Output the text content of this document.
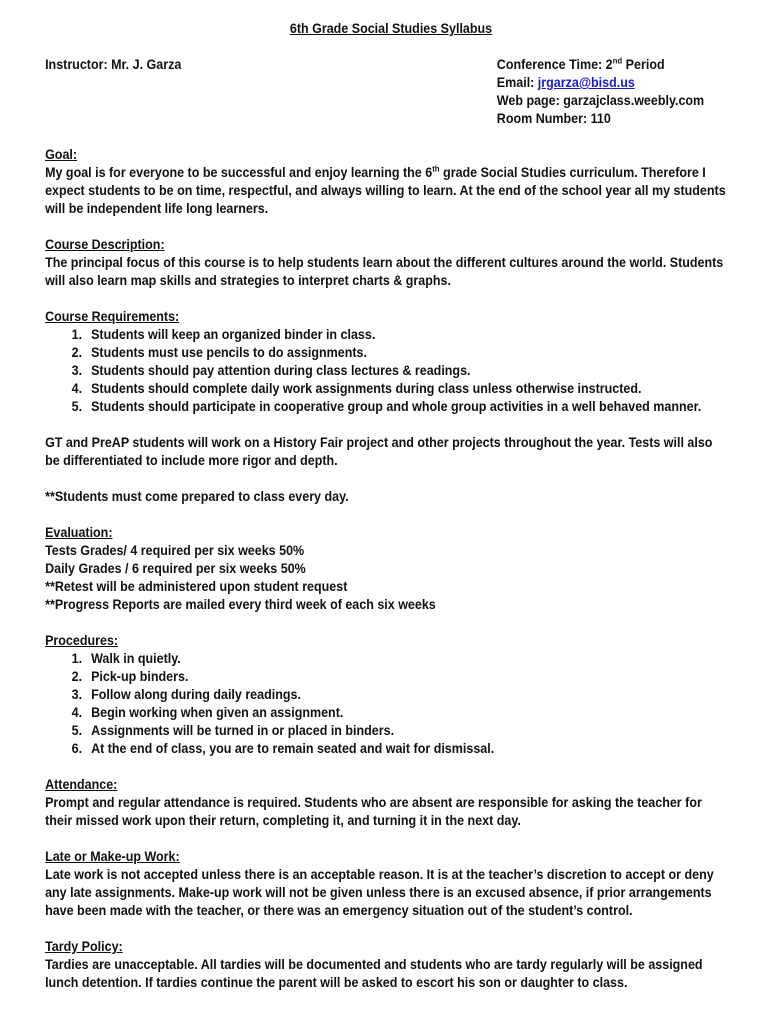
6th Grade Social Studies Syllabus
Instructor: Mr. J. Garza	Conference Time: 2nd Period
Email: jrgarza@bisd.us
Web page: garzajclass.weebly.com
Room Number: 110
Goal:
My goal is for everyone to be successful and enjoy learning the 6th grade Social Studies curriculum. Therefore I expect students to be on time, respectful, and always willing to learn. At the end of the school year all my students will be independent life long learners.
Course Description:
The principal focus of this course is to help students learn about the different cultures around the world. Students will also learn map skills and strategies to interpret charts & graphs.
Course Requirements:
1. Students will keep an organized binder in class.
2. Students must use pencils to do assignments.
3. Students should pay attention during class lectures & readings.
4. Students should complete daily work assignments during class unless otherwise instructed.
5. Students should participate in cooperative group and whole group activities in a well behaved manner.
GT and PreAP students will work on a History Fair project and other projects throughout the year. Tests will also be differentiated to include more rigor and depth.
**Students must come prepared to class every day.
Evaluation:
Tests Grades/ 4 required per six weeks 50%
Daily Grades / 6 required per six weeks 50%
**Retest will be administered upon student request
**Progress Reports are mailed every third week of each six weeks
Procedures:
1. Walk in quietly.
2. Pick-up binders.
3. Follow along during daily readings.
4. Begin working when given an assignment.
5. Assignments will be turned in or placed in binders.
6. At the end of class, you are to remain seated and wait for dismissal.
Attendance:
Prompt and regular attendance is required. Students who are absent are responsible for asking the teacher for their missed work upon their return, completing it, and turning it in the next day.
Late or Make-up Work:
Late work is not accepted unless there is an acceptable reason. It is at the teacher’s discretion to accept or deny any late assignments. Make-up work will not be given unless there is an excused absence, if prior arrangements have been made with the teacher, or there was an emergency situation out of the student’s control.
Tardy Policy:
Tardies are unacceptable. All tardies will be documented and students who are tardy regularly will be assigned lunch detention. If tardies continue the parent will be asked to escort his son or daughter to class.
